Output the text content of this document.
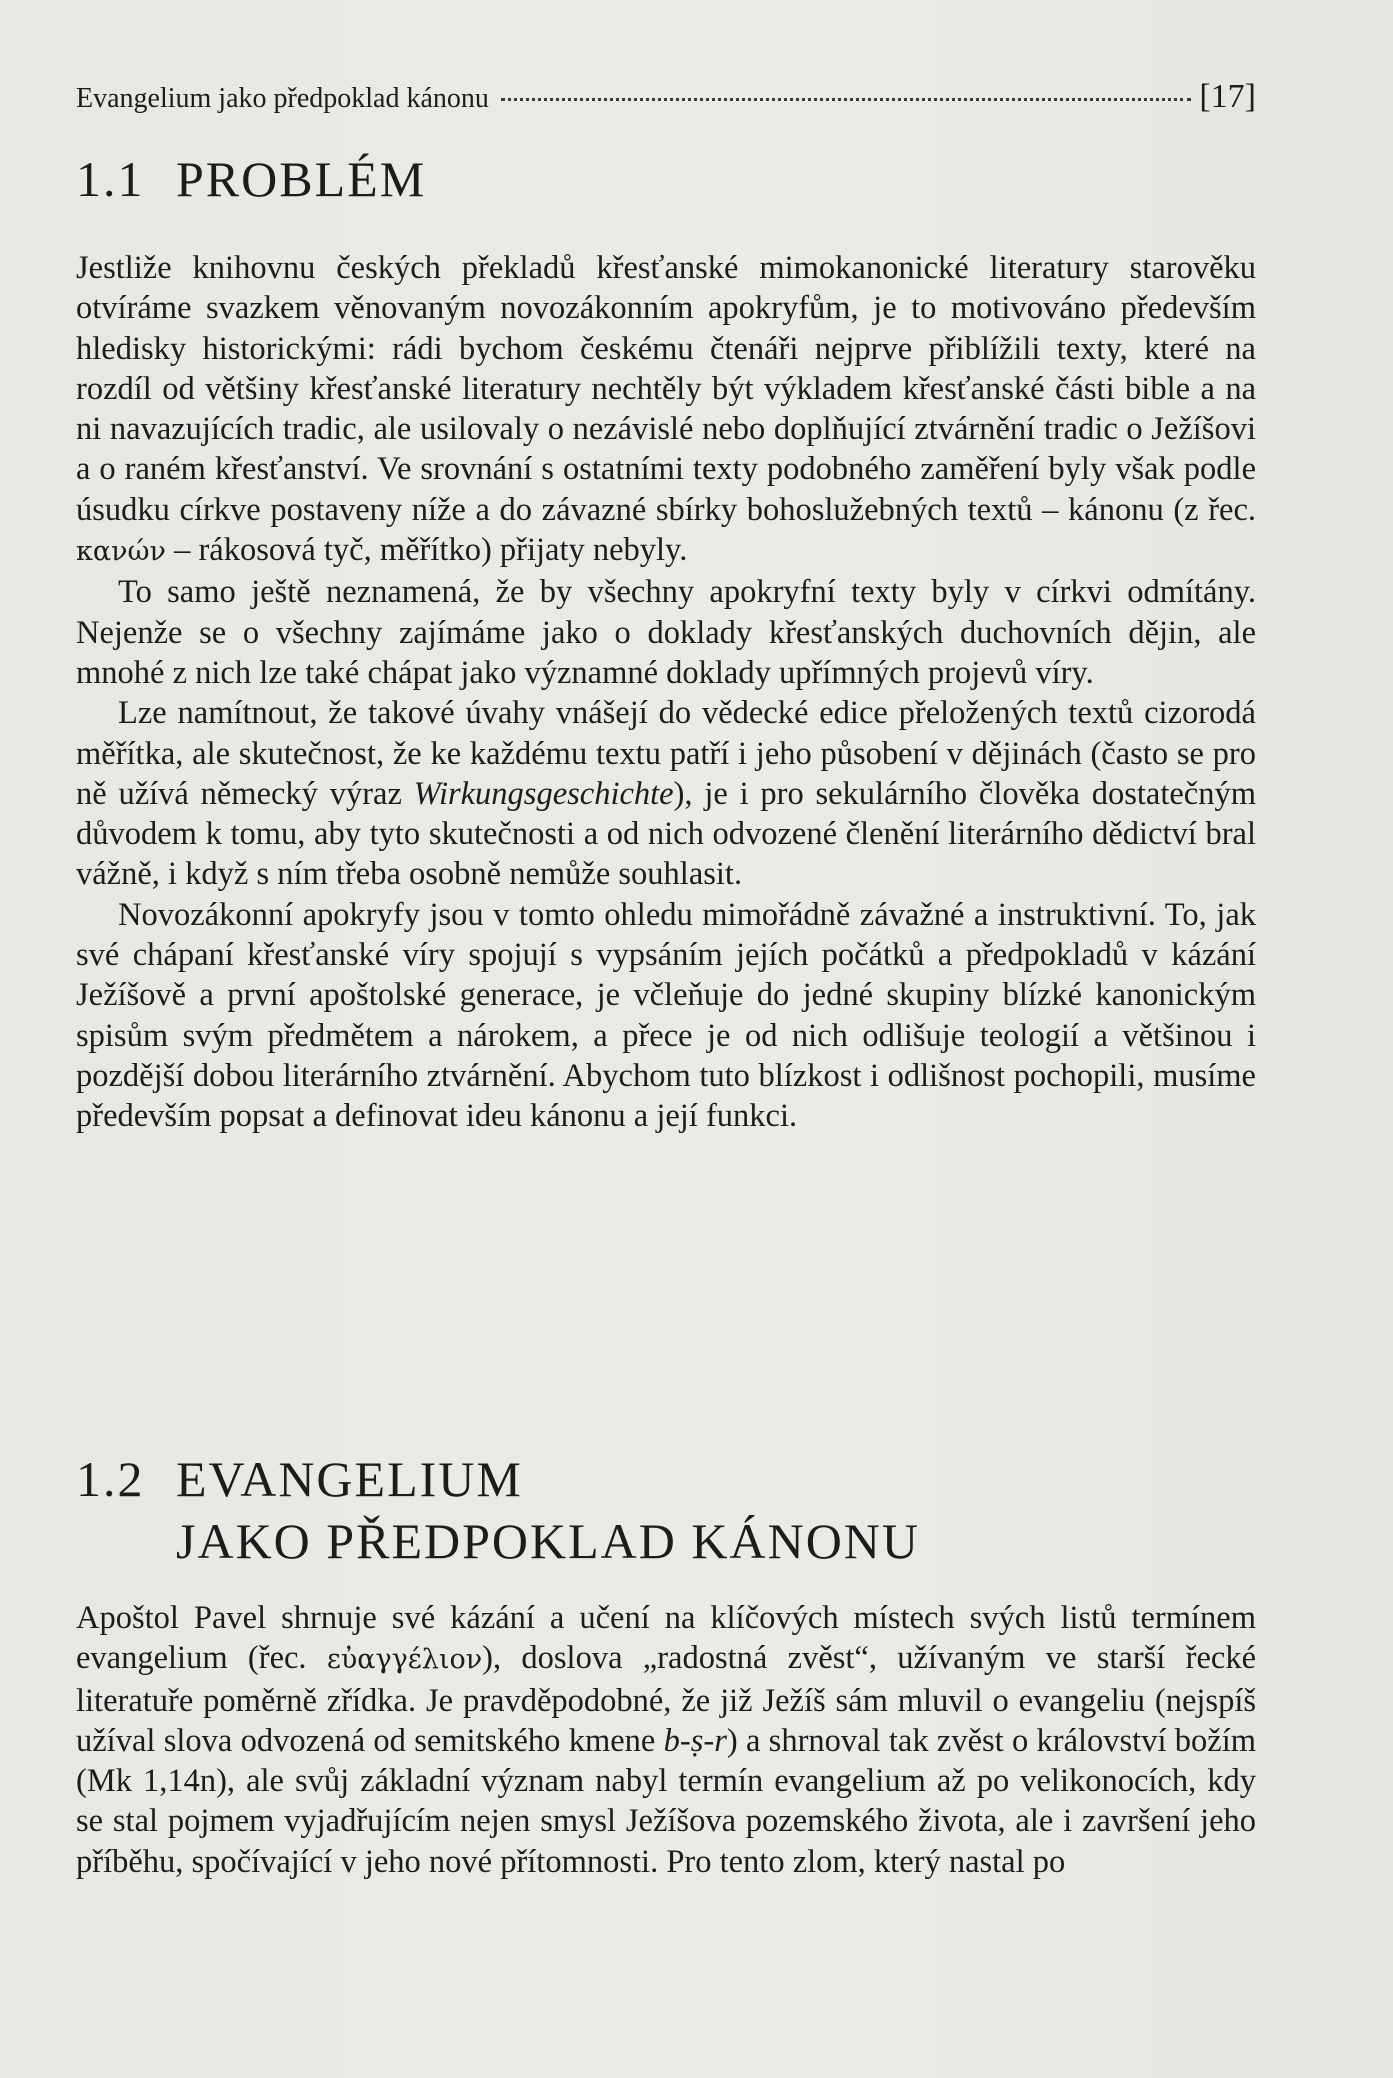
Evangelium jako předpoklad kánonu	[17]
1.1 PROBLÉM

Jestliže knihovnu českých překladů křesťanské mimokanonické literatury starověku otvíráme svazkem věnovaným novozákonním apokryfům, je to motivováno především hledisky historickými: rádi bychom českému čtenáři nejprve přiblížili texty, které na rozdíl od většiny křesťanské literatury nechtěly být výkladem křesťanské části bible a na ni navazujících tradic, ale usilovaly o nezávislé nebo doplňující ztvárnění tradic o Ježíšovi a o raném křesťanství. Ve srovnání s ostatními texty podobného zaměření byly však podle úsudku církve postaveny níže a do závazné sbírky bohoslužebných textů – kánonu (z řec. κανών – rákosová tyč, měřítko) přijaty nebyly.

To samo ještě neznamená, že by všechny apokryfní texty byly v církvi odmítány. Nejenže se o všechny zajímáme jako o doklady křesťanských duchovních dějin, ale mnohé z nich lze také chápat jako významné doklady upřímných projevů víry.

Lze namítnout, že takové úvahy vnášejí do vědecké edice přeložených textů cizorodá měřítka, ale skutečnost, že ke každému textu patří i jeho působení v dějinách (často se pro ně užívá německý výraz Wirkungsgeschichte), je i pro sekulárního člověka dostatečným důvodem k tomu, aby tyto skutečnosti a od nich odvozené členění literárního dědictví bral vážně, i když s ním třeba osobně nemůže souhlasit.

Novozákonní apokryfy jsou v tomto ohledu mimořádně závažné a instruktivní. To, jak své chápaní křesťanské víry spojují s vypsáním jejích počátků a předpokladů v kázání Ježíšově a první apoštolské generace, je včleňuje do jedné skupiny blízké kanonickým spisům svým předmětem a nárokem, a přece je od nich odlišuje teologií a většinou i pozdější dobou literárního ztvárnění. Abychom tuto blízkost i odlišnost pochopili, musíme především popsat a definovat ideu kánonu a její funkci.

1.2 EVANGELIUM
JAKO PŘEDPOKLAD KÁNONU

Apoštol Pavel shrnuje své kázání a učení na klíčových místech svých listů termínem evangelium (řec. εὐαγγέλιον), doslova „radostná zvěst“, užívaným ve starší řecké literatuře poměrně zřídka. Je pravděpodobné, že již Ježíš sám mluvil o evangeliu (nejspíš užíval slova odvozená od semitského kmene b-ṣ-r) a shrnoval tak zvěst o království božím (Mk 1,14n), ale svůj základní význam nabyl termín evangelium až po velikonocích, kdy se stal pojmem vyjadřujícím nejen smysl Ježíšova pozemského života, ale i završení jeho příběhu, spočívající v jeho nové přítomnosti. Pro tento zlom, který nastal po
